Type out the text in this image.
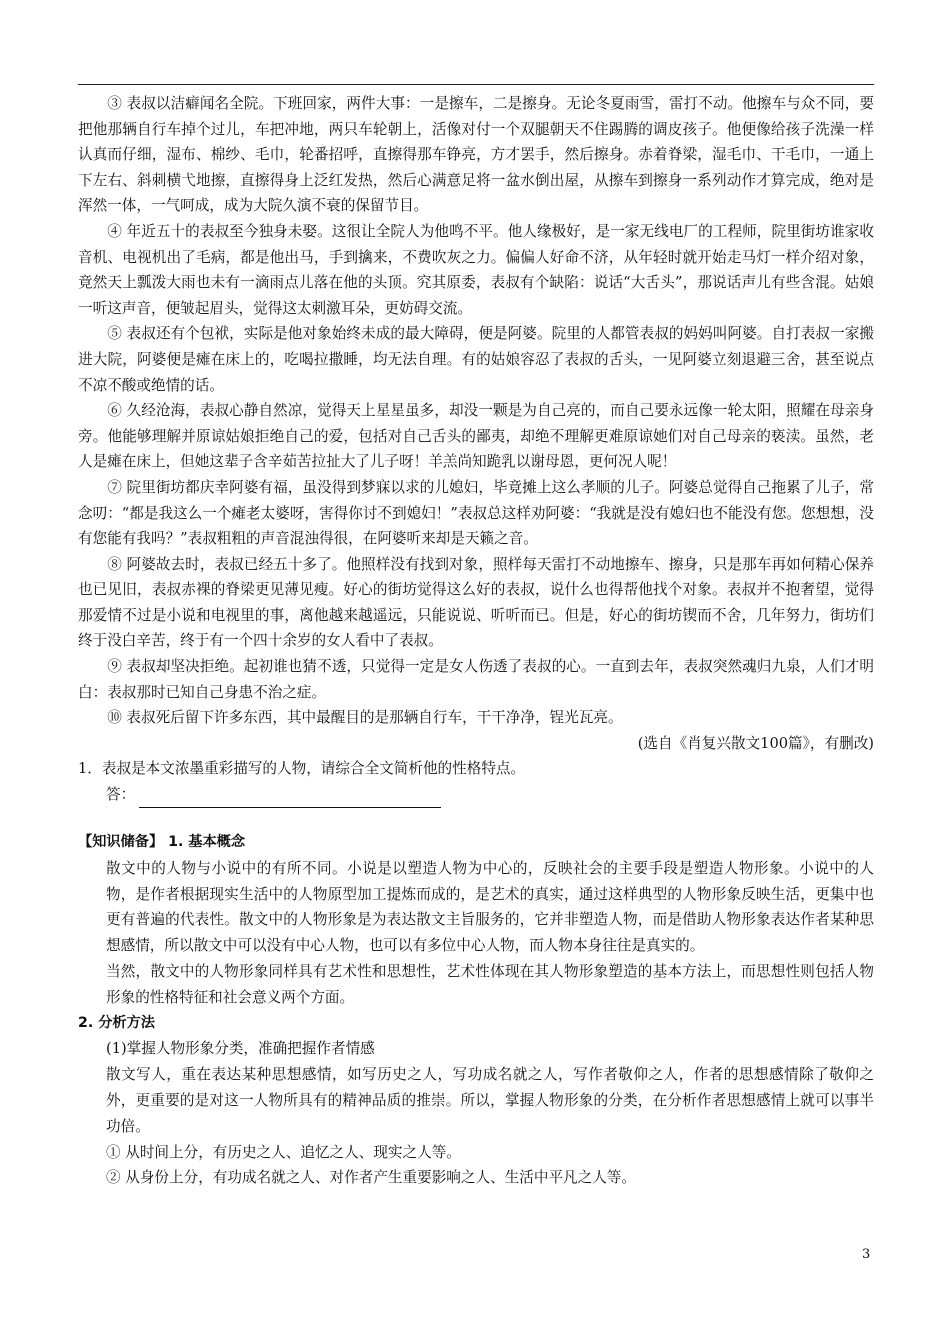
③ 表叔以洁癖闻名全院。下班回家，两件大事：一是擦车，二是擦身。无论冬夏雨雪，雷打不动。他擦车与众不同，要把他那辆自行车掉个过儿，车把冲地，两只车轮朝上，活像对付一个双腿朝天不住踢腾的调皮孩子。他便像给孩子洗澡一样认真而仔细，湿布、棉纱、毛巾，轮番招呼，直擦得那车铮亮，方才罢手，然后擦身。赤着脊梁，湿毛巾、干毛巾，一通上下左右、斜刺横弋地擦，直擦得身上泛红发热，然后心满意足将一盆水倒出屋，从擦车到擦身一系列动作才算完成，绝对是浑然一体，一气呵成，成为大院久演不衰的保留节目。

④ 年近五十的表叔至今独身未娶。这很让全院人为他鸣不平。他人缘极好，是一家无线电厂的工程师，院里街坊谁家收音机、电视机出了毛病，都是他出马，手到擒来，不费吹灰之力。偏偏人好命不济，从年轻时就开始走马灯一样介绍对象，竟然天上瓢泼大雨也未有一滴雨点儿落在他的头顶。究其原委，表叔有个缺陷：说话“大舌头”，那说话声儿有些含混。姑娘一听这声音，便皱起眉头，觉得这太刺激耳朵，更妨碍交流。

⑤ 表叔还有个包袱，实际是他对象始终未成的最大障碍，便是阿婆。院里的人都管表叔的妈妈叫阿婆。自打表叔一家搬进大院，阿婆便是瘫在床上的，吃喝拉撒睡，均无法自理。有的姑娘容忍了表叔的舌头，一见阿婆立刻退避三舍，甚至说点不凉不酸或绝情的话。

⑥ 久经沧海，表叔心静自然凉，觉得天上星星虽多，却没一颗是为自己亮的，而自己要永远像一轮太阳，照耀在母亲身旁。他能够理解并原谅姑娘拒绝自己的爱，包括对自己舌头的鄙夷，却绝不理解更难原谅她们对自己母亲的亵渎。虽然，老人是瘫在床上，但她这辈子含辛茹苦拉扯大了儿子呀！羊羔尚知跪乳以谢母恩，更何况人呢！

⑦ 院里街坊都庆幸阿婆有福，虽没得到梦寐以求的儿媳妇，毕竟摊上这么孝顺的儿子。阿婆总觉得自己拖累了儿子，常念叨：“都是我这么一个瘫老太婆呀，害得你讨不到媳妇！”表叔总这样劝阿婆：“我就是没有媳妇也不能没有您。您想想，没有您能有我吗？”表叔粗粗的声音混浊得很，在阿婆听来却是天籁之音。

⑧ 阿婆故去时，表叔已经五十多了。他照样没有找到对象，照样每天雷打不动地擦车、擦身，只是那车再如何精心保养也已见旧，表叔赤裸的脊梁更见薄见瘦。好心的街坊觉得这么好的表叔，说什么也得帮他找个对象。表叔并不抱奢望，觉得那爱情不过是小说和电视里的事，离他越来越遥远，只能说说、听听而已。但是，好心的街坊锲而不舍，几年努力，街坊们终于没白辛苦，终于有一个四十余岁的女人看中了表叔。

⑨ 表叔却坚决拒绝。起初谁也猜不透，只觉得一定是女人伤透了表叔的心。一直到去年，表叔突然魂归九泉，人们才明白：表叔那时已知自己身患不治之症。

⑩ 表叔死后留下许多东西，其中最醒目的是那辆自行车，干干净净，锃光瓦亮。

(选自《肖复兴散文100篇》，有删改)

1．表叔是本文浓墨重彩描写的人物，请综合全文简析他的性格特点。

答：

【知识储备】 1. 基本概念

散文中的人物与小说中的有所不同。小说是以塑造人物为中心的，反映社会的主要手段是塑造人物形象。小说中的人物，是作者根据现实生活中的人物原型加工提炼而成的，是艺术的真实，通过这样典型的人物形象反映生活，更集中也更有普遍的代表性。散文中的人物形象是为表达散文主旨服务的，它并非塑造人物，而是借助人物形象表达作者某种思想感情，所以散文中可以没有中心人物，也可以有多位中心人物，而人物本身往往是真实的。

当然，散文中的人物形象同样具有艺术性和思想性，艺术性体现在其人物形象塑造的基本方法上，而思想性则包括人物形象的性格特征和社会意义两个方面。

2. 分析方法

(1)掌握人物形象分类，准确把握作者情感

散文写人，重在表达某种思想感情，如写历史之人，写功成名就之人，写作者敬仰之人，作者的思想感情除了敬仰之外，更重要的是对这一人物所具有的精神品质的推崇。所以，掌握人物形象的分类，在分析作者思想感情上就可以事半功倍。

① 从时间上分，有历史之人、追忆之人、现实之人等。

② 从身份上分，有功成名就之人、对作者产生重要影响之人、生活中平凡之人等。

3
